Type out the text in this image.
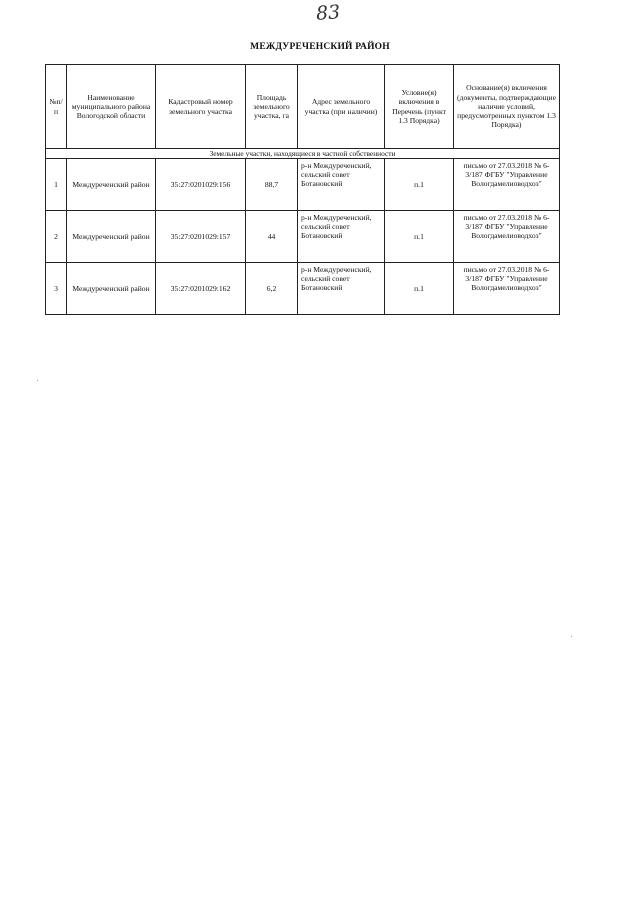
83
МЕЖДУРЕЧЕНСКИЙ РАЙОН
№п/п	Наименование муниципального района Вологодской области	Кадастровый номер земельного участка	Площадь земельного участка, га	Адрес земельного участка (при наличии)	Условие(я) включения в Перечень (пункт 1.3 Порядка)	Основание(я) включения (документы, подтверждающие наличие условий, предусмотренных пунктом 1.3 Порядка)
Земельные участки, находящиеся в частной собственности						
1	Междуреченский район	35:27:0201029:156	88,7	р-н Междуреченский, сельский совет Ботановский	п.1	письмо от 27.03.2018 № 6-3/187 ФГБУ "Управление Вологдамелиоводхоз"
2	Междуреченский район	35:27:0201029:157	44	р-н Междуреченский, сельский совет Ботановский	п.1	письмо от 27.03.2018 № 6-3/187 ФГБУ "Управление Вологдамелиоводхоз"
3	Междуреченский район	35:27:0201029:162	6,2	р-н Междуреченский, сельский совет Ботановский	п.1	письмо от 27.03.2018 № 6-3/187 ФГБУ "Управление Вологдамелиоводхоз"
